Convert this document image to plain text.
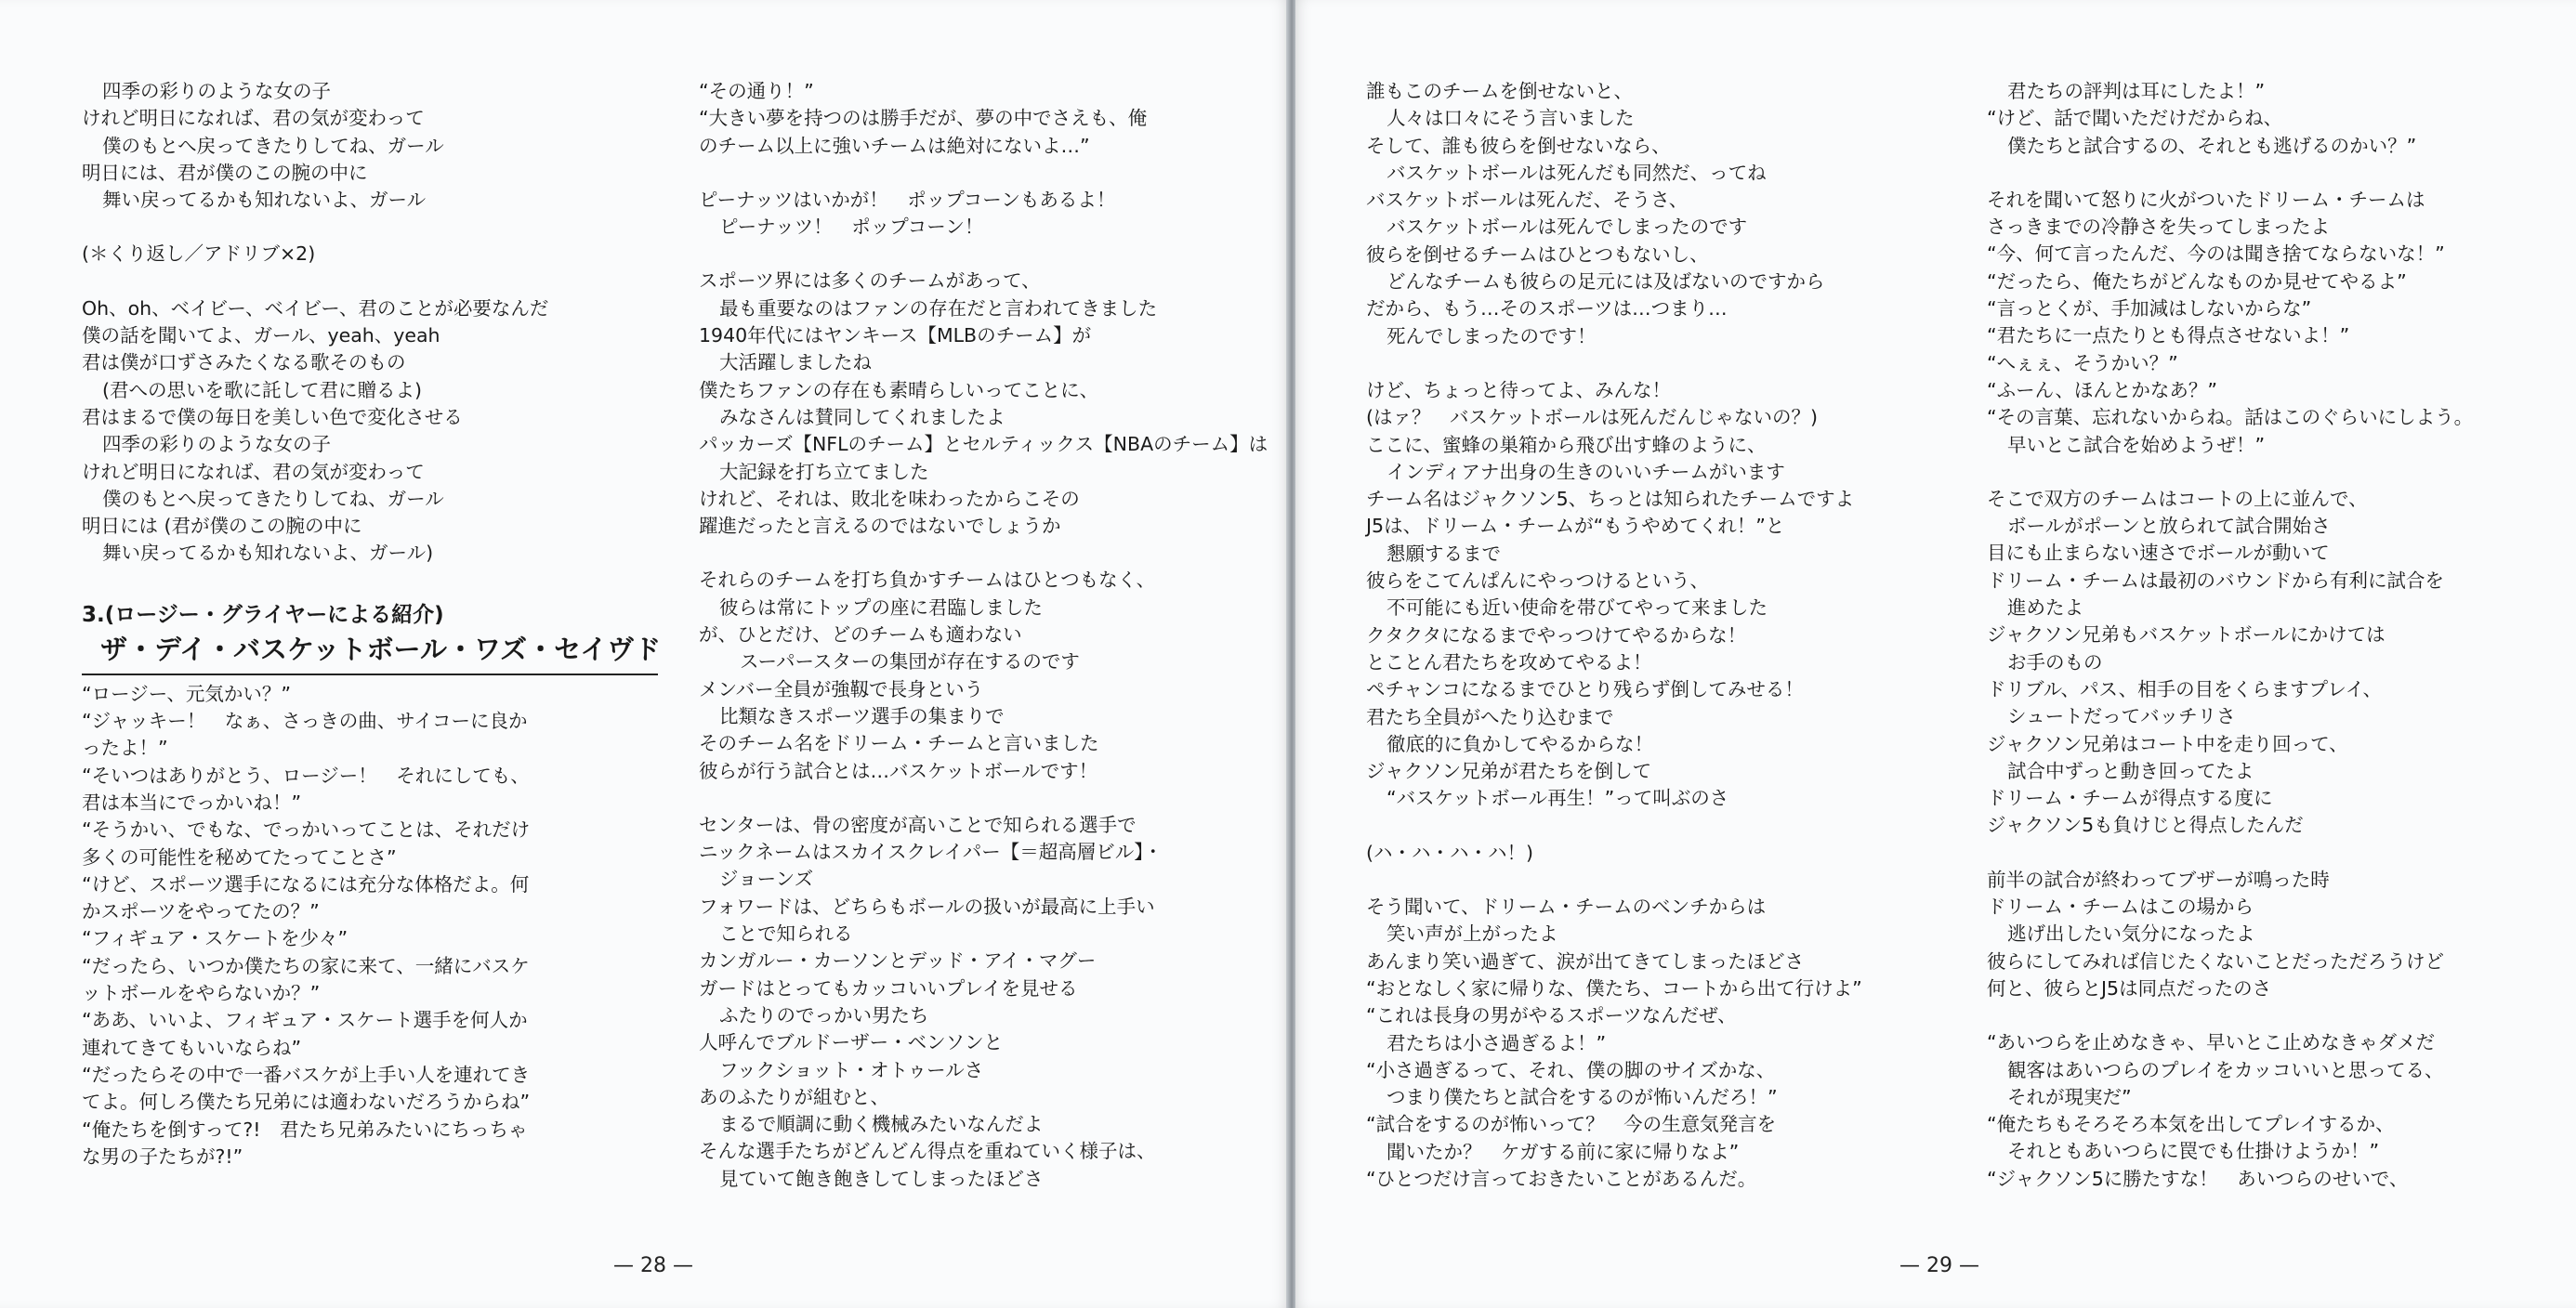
四季の彩りのような女の子

けれど明日になれば、君の気が変わって

僕のもとへ戻ってきたりしてね、ガール

明日には、君が僕のこの腕の中に

舞い戻ってるかも知れないよ、ガール

(＊くり返し／アドリブ×2)

Oh、oh、ベイビー、ベイビー、君のことが必要なんだ

僕の話を聞いてよ、ガール、yeah、yeah

君は僕が口ずさみたくなる歌そのもの

(君への思いを歌に託して君に贈るよ)

君はまるで僕の毎日を美しい色で変化させる

四季の彩りのような女の子

けれど明日になれば、君の気が変わって

僕のもとへ戻ってきたりしてね、ガール

明日には (君が僕のこの腕の中に

舞い戻ってるかも知れないよ、ガール)

3.(ロージー・グライヤーによる紹介)
ザ・デイ・バスケットボール・ワズ・セイヴド

“ロージー、元気かい？”

“ジャッキー！　なぁ、さっきの曲、サイコーに良か

ったよ！”

“そいつはありがとう、ロージー！　それにしても、

君は本当にでっかいね！”

“そうかい、でもな、でっかいってことは、それだけ

多くの可能性を秘めてたってことさ”

“けど、スポーツ選手になるには充分な体格だよ。何

かスポーツをやってたの？”

“フィギュア・スケートを少々”

“だったら、いつか僕たちの家に来て、一緒にバスケ

ットボールをやらないか？”

“ああ、いいよ、フィギュア・スケート選手を何人か

連れてきてもいいならね”

“だったらその中で一番バスケが上手い人を連れてき

てよ。何しろ僕たち兄弟には適わないだろうからね”

“俺たちを倒すって?!　君たち兄弟みたいにちっちゃ

な男の子たちが?!”

“その通り！”

“大きい夢を持つのは勝手だが、夢の中でさえも、俺

のチーム以上に強いチームは絶対にないよ…”

ピーナッツはいかが！　ポップコーンもあるよ！

ピーナッツ！　ポップコーン！

スポーツ界には多くのチームがあって、

最も重要なのはファンの存在だと言われてきました

1940年代にはヤンキース【MLBのチーム】が

大活躍しましたね

僕たちファンの存在も素晴らしいってことに、

みなさんは賛同してくれましたよ

パッカーズ【NFLのチーム】とセルティックス【NBAのチーム】は

大記録を打ち立てました

けれど、それは、敗北を味わったからこその

躍進だったと言えるのではないでしょうか

それらのチームを打ち負かすチームはひとつもなく、

彼らは常にトップの座に君臨しました

が、ひとだけ、どのチームも適わない

スーパースターの集団が存在するのです

メンバー全員が強靱で長身という

比類なきスポーツ選手の集まりで

そのチーム名をドリーム・チームと言いました

彼らが行う試合とは…バスケットボールです！

センターは、骨の密度が高いことで知られる選手で

ニックネームはスカイスクレイパー【＝超高層ビル】・

ジョーンズ

フォワードは、どちらもボールの扱いが最高に上手い

ことで知られる

カンガルー・カーソンとデッド・アイ・マグー

ガードはとってもカッコいいプレイを見せる

ふたりのでっかい男たち

人呼んでブルドーザー・ベンソンと

フックショット・オトゥールさ

あのふたりが組むと、

まるで順調に動く機械みたいなんだよ

そんな選手たちがどんどん得点を重ねていく様子は、

見ていて飽き飽きしてしまったほどさ

— 28 —

誰もこのチームを倒せないと、

人々は口々にそう言いました

そして、誰も彼らを倒せないなら、

バスケットボールは死んだも同然だ、ってね

バスケットボールは死んだ、そうさ、

バスケットボールは死んでしまったのです

彼らを倒せるチームはひとつもないし、

どんなチームも彼らの足元には及ばないのですから

だから、もう…そのスポーツは…つまり…

死んでしまったのです！

けど、ちょっと待ってよ、みんな！

(はァ？　バスケットボールは死んだんじゃないの？)

ここに、蜜蜂の巣箱から飛び出す蜂のように、

インディアナ出身の生きのいいチームがいます

チーム名はジャクソン5、ちっとは知られたチームですよ

J5は、ドリーム・チームが“もうやめてくれ！”と

懇願するまで

彼らをこてんぱんにやっつけるという、

不可能にも近い使命を帯びてやって来ました

クタクタになるまでやっつけてやるからな！

とことん君たちを攻めてやるよ！

ペチャンコになるまでひとり残らず倒してみせる！

君たち全員がへたり込むまで

徹底的に負かしてやるからな！

ジャクソン兄弟が君たちを倒して

“バスケットボール再生！”って叫ぶのさ

(ハ・ハ・ハ・ハ！)

そう聞いて、ドリーム・チームのベンチからは

笑い声が上がったよ

あんまり笑い過ぎて、涙が出てきてしまったほどさ

“おとなしく家に帰りな、僕たち、コートから出て行けよ”

“これは長身の男がやるスポーツなんだぜ、

君たちは小さ過ぎるよ！”

“小さ過ぎるって、それ、僕の脚のサイズかな、

つまり僕たちと試合をするのが怖いんだろ！”

“試合をするのが怖いって？　今の生意気発言を

聞いたか？　ケガする前に家に帰りなよ”

“ひとつだけ言っておきたいことがあるんだ。

君たちの評判は耳にしたよ！”

“けど、話で聞いただけだからね、

僕たちと試合するの、それとも逃げるのかい？”

それを聞いて怒りに火がついたドリーム・チームは

さっきまでの冷静さを失ってしまったよ

“今、何て言ったんだ、今のは聞き捨てならないな！”

“だったら、俺たちがどんなものか見せてやるよ”

“言っとくが、手加減はしないからな”

“君たちに一点たりとも得点させないよ！”

“へぇぇ、そうかい？”

“ふーん、ほんとかなあ？”

“その言葉、忘れないからね。話はこのぐらいにしよう。

早いとこ試合を始めようぜ！”

そこで双方のチームはコートの上に並んで、

ボールがポーンと放られて試合開始さ

目にも止まらない速さでボールが動いて

ドリーム・チームは最初のバウンドから有利に試合を

進めたよ

ジャクソン兄弟もバスケットボールにかけては

お手のもの

ドリブル、パス、相手の目をくらますプレイ、

シュートだってバッチリさ

ジャクソン兄弟はコート中を走り回って、

試合中ずっと動き回ってたよ

ドリーム・チームが得点する度に

ジャクソン5も負けじと得点したんだ

前半の試合が終わってブザーが鳴った時

ドリーム・チームはこの場から

逃げ出したい気分になったよ

彼らにしてみれば信じたくないことだっただろうけど

何と、彼らとJ5は同点だったのさ

“あいつらを止めなきゃ、早いとこ止めなきゃダメだ

観客はあいつらのプレイをカッコいいと思ってる、

それが現実だ”

“俺たちもそろそろ本気を出してプレイするか、

それともあいつらに罠でも仕掛けようか！”

“ジャクソン5に勝たすな！　あいつらのせいで、

— 29 —
